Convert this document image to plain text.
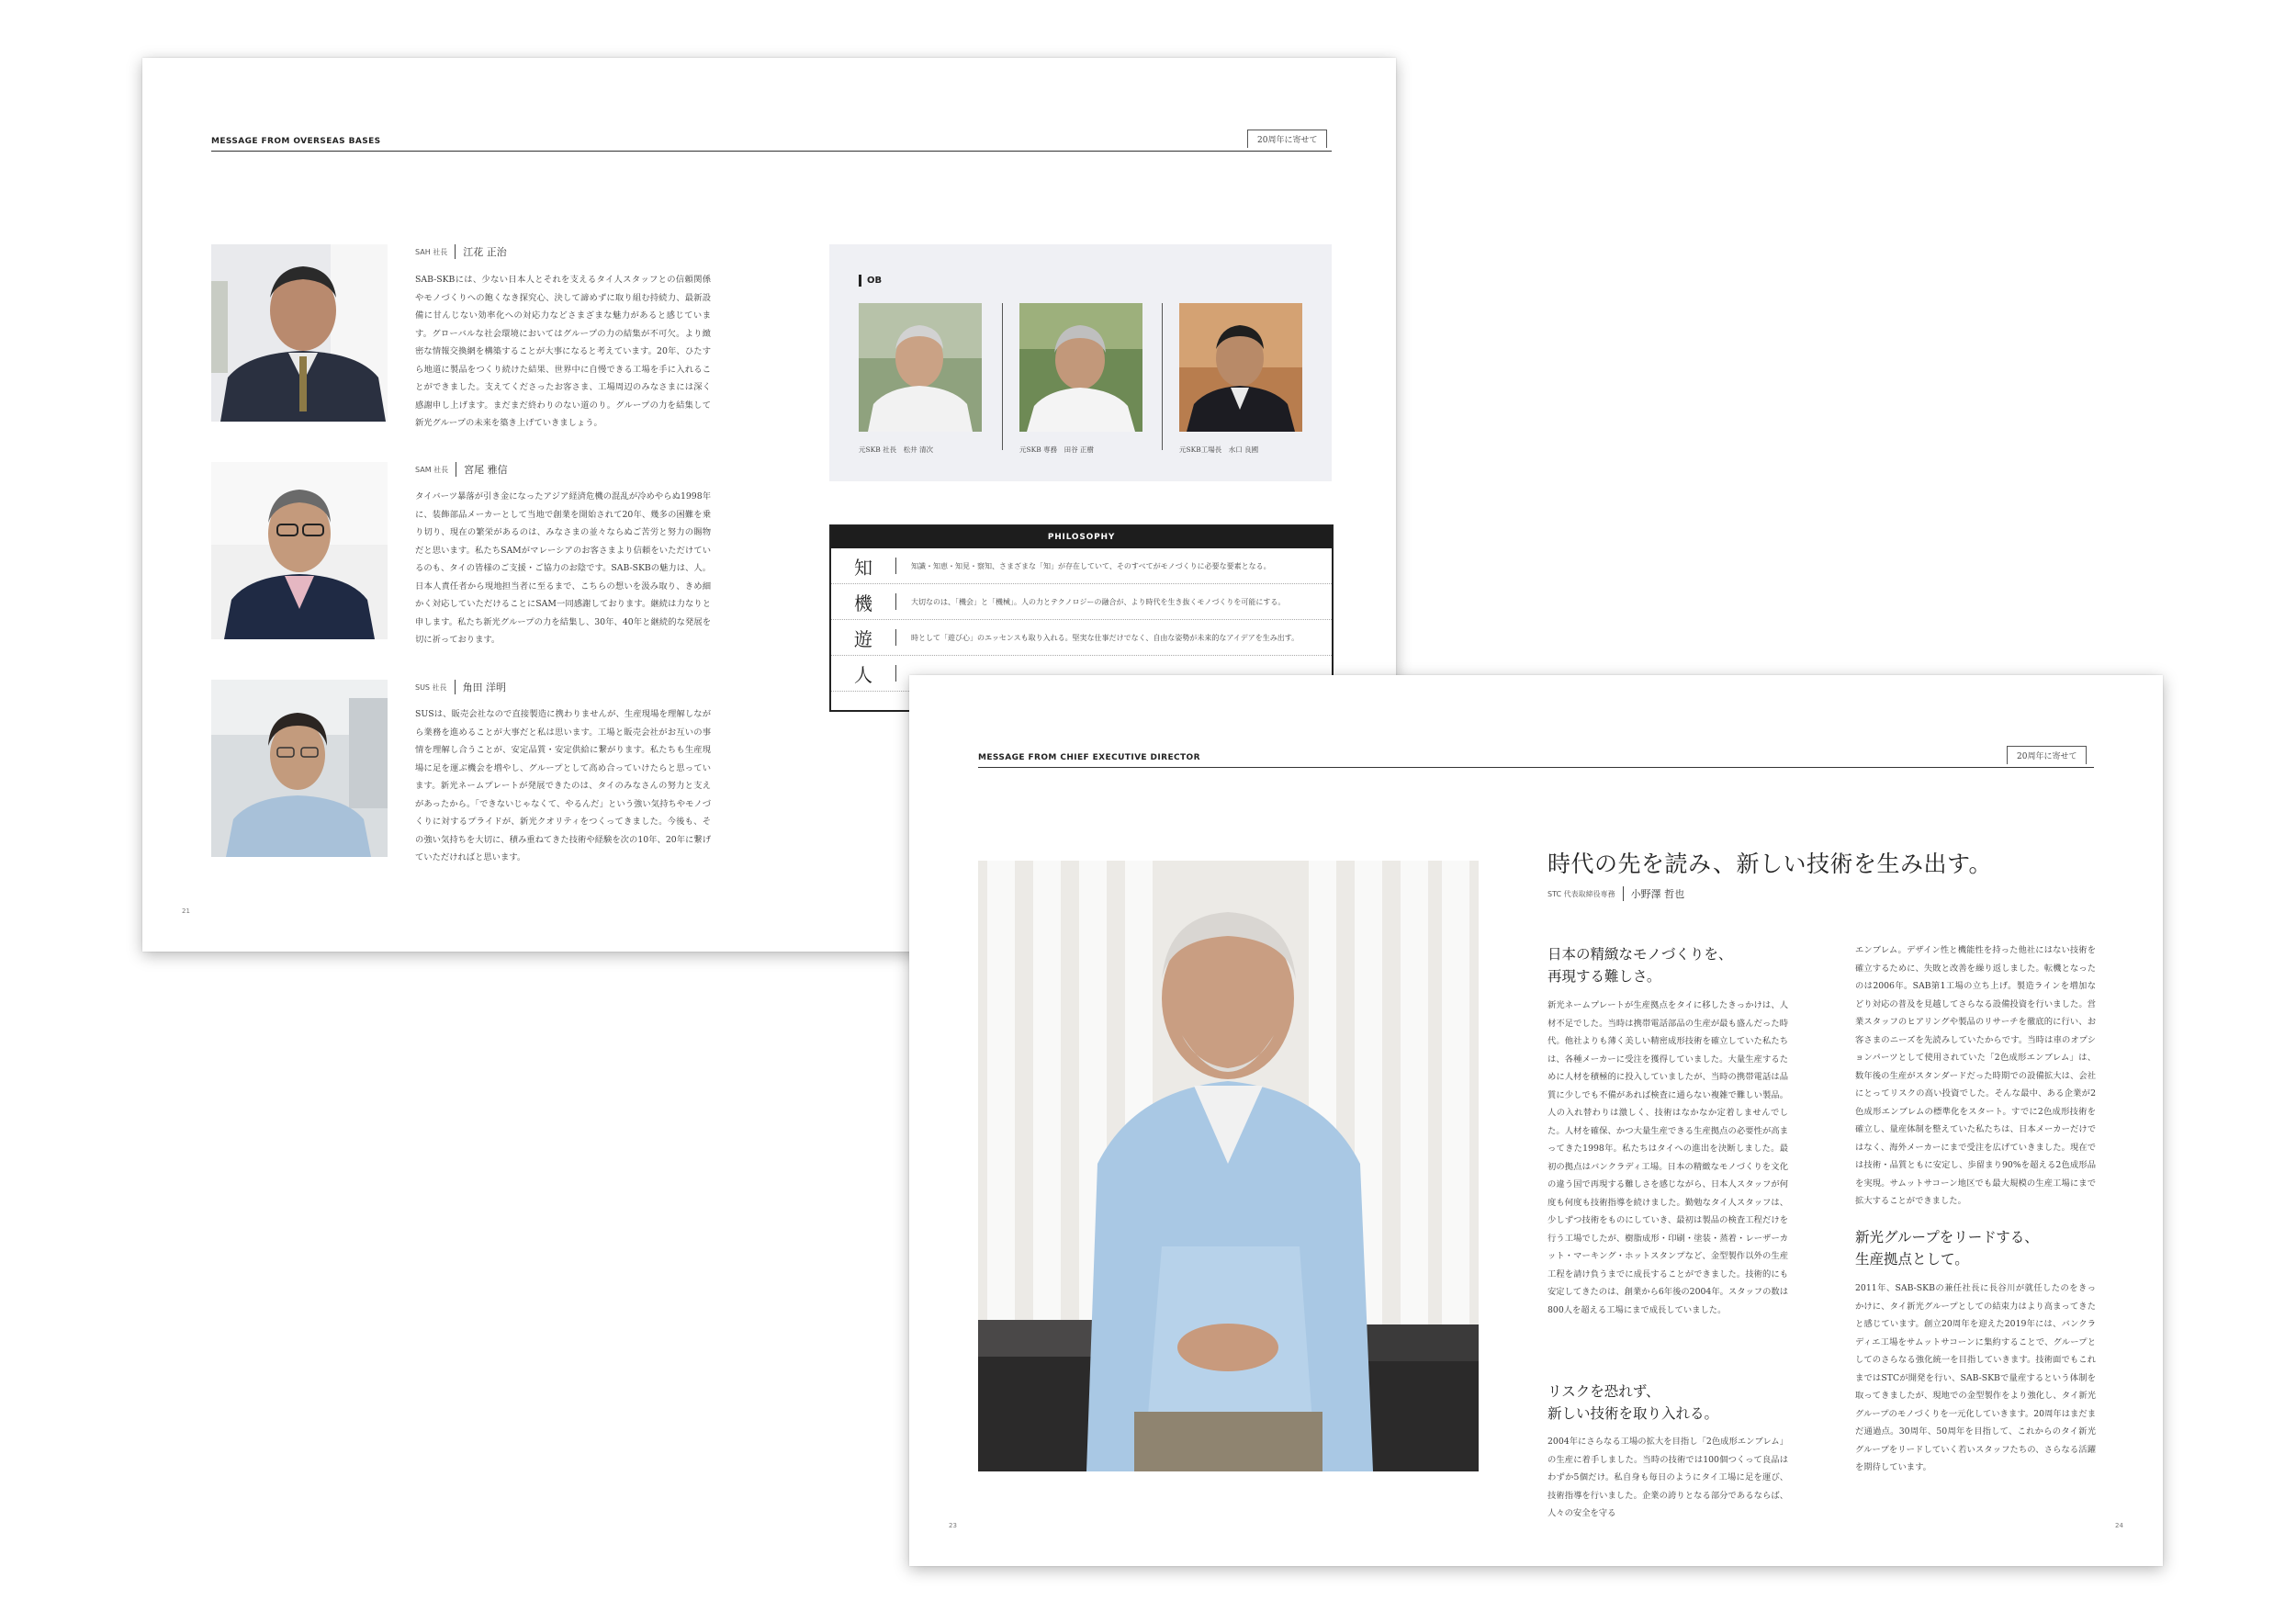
MESSAGE FROM OVERSEAS BASES	20周年に寄せて
SAH 社長 江花 正治
SAB-SKBには、少ない日本人とそれを支えるタイ人スタッフとの信頼関係やモノづくりへの飽くなき探究心、決して諦めずに取り組む持続力、最新設備に甘んじない効率化への対応力などさまざまな魅力があると感じています。グローバルな社会環境においてはグループの力の結集が不可欠。より緻密な情報交換網を構築することが大事になると考えています。20年、ひたすら地道に製品をつくり続けた結果、世界中に自慢できる工場を手に入れることができました。支えてくださったお客さま、工場周辺のみなさまには深く感謝申し上げます。まだまだ終わりのない道のり。グループの力を結集して新光グループの未来を築き上げていきましょう。
SAM 社長 宮尾 雅信
タイバーツ暴落が引き金になったアジア経済危機の混乱が冷めやらぬ1998年に、装飾部品メーカーとして当地で創業を開始されて20年、幾多の困難を乗り切り、現在の繁栄があるのは、みなさまの並々ならぬご苦労と努力の賜物だと思います。私たちSAMがマレーシアのお客さまより信頼をいただけているのも、タイの皆様のご支援・ご協力のお陰です。SAB-SKBの魅力は、人。日本人責任者から現地担当者に至るまで、こちらの想いを汲み取り、きめ細かく対応していただけることにSAM一同感謝しております。継続は力なりと申します。私たち新光グループの力を結集し、30年、40年と継続的な発展を切に祈っております。
SUS 社長 角田 洋明
SUSは、販売会社なので直接製造に携わりませんが、生産現場を理解しながら業務を進めることが大事だと私は思います。工場と販売会社がお互いの事情を理解し合うことが、安定品質・安定供給に繋がります。私たちも生産現場に足を運ぶ機会を増やし、グループとして高め合っていけたらと思っています。新光ネームプレートが発展できたのは、タイのみなさんの努力と支えがあったから。「できないじゃなくて、やるんだ」という強い気持ちやモノづくりに対するプライドが、新光クオリティをつくってきました。今後も、その強い気持ちを大切に、積み重ねてきた技術や経験を次の10年、20年に繋げていただければと思います。
OB
元SKB 社長　松井 清次	元SKB 専務　田谷 正樹	元SKB工場長　水口 良國
PHILOSOPHY
知	知識・知恵・知見・察知、さまざまな「知」が存在していて、そのすべてがモノづくりに必要な要素となる。
機	大切なのは、「機会」と「機械」。人の力とテクノロジーの融合が、より時代を生き抜くモノづくりを可能にする。
遊	時として「遊び心」のエッセンスも取り入れる。堅実な仕事だけでなく、自由な姿勢が未来的なアイデアを生み出す。
人
21
MESSAGE FROM CHIEF EXECUTIVE DIRECTOR	20周年に寄せて
時代の先を読み、新しい技術を生み出す。
STC 代表取締役専務 小野澤 哲也
日本の精緻なモノづくりを、
再現する難しさ。
新光ネームプレートが生産拠点をタイに移したきっかけは、人材不足でした。当時は携帯電話部品の生産が最も盛んだった時代。他社よりも薄く美しい精密成形技術を確立していた私たちは、各種メーカーに受注を獲得していました。大量生産するために人材を積極的に投入していましたが、当時の携帯電話は品質に少しでも不備があれば検査に通らない複雑で難しい製品。人の入れ替わりは激しく、技術はなかなか定着しませんでした。人材を確保、かつ大量生産できる生産拠点の必要性が高まってきた1998年。私たちはタイへの進出を決断しました。最初の拠点はバンクラディ工場。日本の精緻なモノづくりを文化の違う国で再現する難しさを感じながら、日本人スタッフが何度も何度も技術指導を続けました。勤勉なタイ人スタッフは、少しずつ技術をものにしていき、最初は製品の検査工程だけを行う工場でしたが、樹脂成形・印刷・塗装・蒸着・レーザーカット・マーキング・ホットスタンプなど、金型製作以外の生産工程を請け負うまでに成長することができました。技術的にも安定してきたのは、創業から6年後の2004年。スタッフの数は800人を超える工場にまで成長していました。
リスクを恐れず、
新しい技術を取り入れる。
2004年にさらなる工場の拡大を目指し「2色成形エンブレム」の生産に着手しました。当時の技術では100個つくって良品はわずか5個だけ。私自身も毎日のようにタイ工場に足を運び、技術指導を行いました。企業の誇りとなる部分であるならば、人々の安全を守る
エンブレム。デザイン性と機能性を持った他社にはない技術を確立するために、失敗と改善を繰り返しました。転機となったのは2006年。SAB第1工場の立ち上げ。製造ラインを増加などり対応の普及を見越してさらなる設備投資を行いました。営業スタッフのヒアリングや製品のリサーチを徹底的に行い、お客さまのニーズを先読みしていたからです。当時は車のオプションパーツとして使用されていた「2色成形エンブレム」は、数年後の生産がスタンダードだった時期での設備拡大は、会社にとってリスクの高い投資でした。そんな最中、ある企業が2色成形エンブレムの標準化をスタート。すでに2色成形技術を確立し、量産体制を整えていた私たちは、日本メーカーだけではなく、海外メーカーにまで受注を広げていきました。現在では技術・品質ともに安定し、歩留まり90%を超える2色成形品を実現。サムットサコーン地区でも最大規模の生産工場にまで拡大することができました。
新光グループをリードする、
生産拠点として。
2011年、SAB-SKBの兼任社長に長谷川が就任したのをきっかけに、タイ新光グループとしての結束力はより高まってきたと感じています。創立20周年を迎えた2019年には、バンクラディエ工場をサムットサコーンに集約することで、グループとしてのさらなる強化統一を目指していきます。技術面でもこれまではSTCが開発を行い、SAB-SKBで量産するという体制を取ってきましたが、現地での金型製作をより強化し、タイ新光グループのモノづくりを一元化していきます。20周年はまだまだ通過点。30周年、50周年を目指して、これからのタイ新光グループをリードしていく若いスタッフたちの、さらなる活躍を期待しています。
23	24
